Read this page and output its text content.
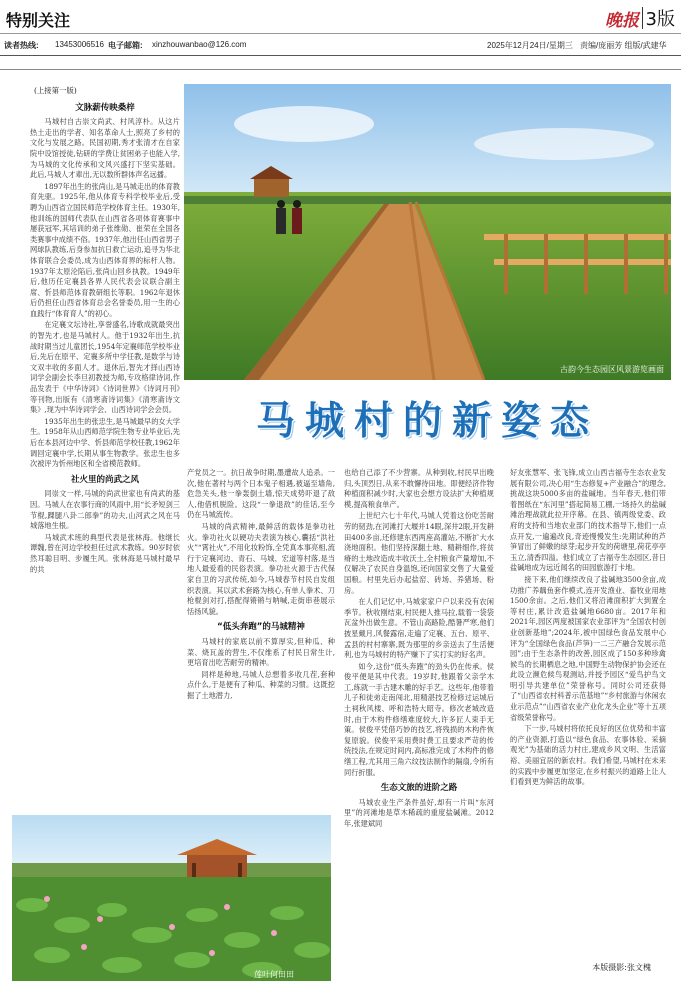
特别关注	晚报 3版
读者热线: 13453006516 电子邮箱: xinzhouwanbao@126.com	2025年12月24日/星期三 责编/庞丽芳 组版/武建华
(上接第一版)
文脉薪传映桑梓

马城村自古崇文尚武、村风淳朴。从这片热土走出的学者、知名革命人士,照亮了乡村的文化与发展之路。民国初期,秀才张清才在自家院中设馆授徒,钻研的学费让贫困弟子也能入学,为马城的文化传承和文风兴盛打下坚实基础。此后,马城人才辈出,无以数所群体声名远播。

1897年出生的张尚山,是马城走出的体育教育先驱。1925年,他从体育专科学校毕业后,受聘为山西省立国民师范学校体育主任。1930年,他训练的国师代表队在山西省各项体育赛事中屡获冠军,其培训的弟子张维勋、崔荣在全国各类赛事中成绩不俗。1937年,他出任山西省男子网球队教练,后身参加抗日救亡运动,追寻为华北体育联合会委员,成为山西体育界的标杆人物。1937年太原沦陷后,张尚山回乡执教。1949年后,他历任定襄县各界人民代表会议联合副主席、忻县师范体育教研组长等职。1962年退休后仍担任山西省体育总会名誉委员,用一生的心血践行“体育育人”的初心。

在定襄文坛诗社,享誉盛名,诗歌成就最突出的智先才,也是马城村人。他于1932年出生,抗战时期当过儿童团长,1954年定襄师范学校毕业后,先后在原平、定襄多所中学任教,是数学与诗文双丰收的多面人才。退休后,智先才择山西诗词学会副会长李旦初教授为师,专攻格律诗词,作品发表于《中华诗词》《诗词世界》《诗词月刊》等刊物,出版有《清寒斋诗词集》《清寒斋诗文集》,现为中华诗词学会、山西诗词学会会员。

1935年出生的张忠生,是马城最早的女大学生。1958年从山西师范学院生物专业毕业后,先后在本县河边中学、忻县师范学校任教,1962年调回定襄中学,长期从事生物教学。张忠生也多次被评为忻州地区和全省模范教师。

社火里的尚武之风

同崇文一样,马城的尚武世家也有尚武的基因。马城人在农事行商的风雨中,用“长矛短剑三节棍,踝腿八卦二郎拳”的功夫,山河武之风在马城落地生根。

马城武术班的典型代表是张林海。他继长谭魏,曾在河边学校担任过武术教练。90岁时依然耳聪目明、步履生风。张林海是马城村最早的共

古韵今生态园区风景游览画面
马城村的新姿态

产党员之一。抗日战争时期,墨遭故人追杀。一次,他在著村与两个日本鬼子相遇,被逼至墙角,危急关头,他一拳轰倒土墙,惊天成势吓退了敌人,他借机脱险。这段“一拳退敌”的佳话,至今仍在马城流传。

马城的尚武精神,最鲜活的载体是拳功社火。拳功社火以硬功夫表演为核心,囊括“洪社火”“霄社火”,不用化妆粉饰,全凭真本事亮相,流行于定襄河边、青石、马城、宏道等村落,是当地人最爱看的民俗表演。拳功社火源于古代保家自卫的习武传统,如今,马城春节村民自发组织表演。其以武术套路为核心,有单人拳术、刀枪棍剑对打,搭配得锵锵与呐喊,走街串巷展示恬扬风貌。

“低头奔跑”的马城精神

马城村的家底以前不算厚实,但种瓜、种菜、烧瓦盖的营生,不仅维系了村民日常生计,更培育出吃苦耐劳的精神。

同样是种地,马城人总想着多收几茬,套种点什么,于是便有了种瓜、种菜的习惯。这既挖掘了土地潜力,

也给自己添了不少营寨。从种到收,村民早出晚归,头顶烈日,从来不敢懈待田地。即便经济作物种植面积减少时,大家也会想方设法扩大种植规模,提高粮食单产。

上世纪六七十年代,马城人凭着这份吃苦耐劳的韧劲,在河滩打大堰并14眼,深井2眼,开发耕田400多亩,还修建东西两座高灌站,不断扩大水浇地面积。他们坚持深翻土地、精耕细作,将贫瘠的土地改造成丰收沃土,全村粮食产量增加,不仅解决了农民自身温饱,还向国家交售了大量爱国粮。村里先后办起盐窑、砖场、养猪场、粉房。

在人们记忆中,马城家家户户以来没有农闲季节。秋收刚结束,村民便人推马拉,载着一袋袋瓦盆外出做生意。不管山高路险,酷暑严寒,他们披星戴月,风餐露宿,走遍了定襄、五台、原平、孟县的村村寨寨,既为那里的乡亲送去了生活便利,也为马城村的特产赚下了实打实的好名声。

如今,这份“低头奔跑”的劲头仍在传承。侯俊平便是其中代表。19岁时,他跟着父亲学木工,练就一手古建木雕的好手艺。这些年,他带着儿子和徒弟走南闯北,用精湛技艺检修过运城后土祠秋风楼、呼和浩特大昭寺。修次老城改造时,由于木构件修缮难度较大,许多匠人束手无策。侯俊平凭借巧妙的技艺,将残损的木构件恢复原貌。侯俊平采用费时费工且要求严苛的传统技法,在规定时间内,高标准完成了木构件的修缮工程,尤其用三角六纹技法制作的隔扇,令所有同行折服。

生态文旅的进阶之路

马城农业生产条件虽好,却有一片叫“东河里”的河滩地是草木稀疏的重度盐碱滩。2012年,张建斌同

好友张慧军、张飞锋,成立山西吉福寺生态农业发展有限公司,决心用“生态修复+产业融合”的理念,挑战这块5000多亩的盐碱地。当年春天,他们带着图纸在“东河里”搭起简易工棚,一场持久的盐碱滩治理战就此拉开序幕。在县、镇两级党委、政府的支持和当地农业部门的技术指导下,他们一点点开发,一遍遍改良,奇迹慢慢发生:先期试种的芦笋冒出了鲜嫩的绿芽;起步开发的荷塘里,荷花亭亭玉立,清香四溢。他们成立了吉福寺生态园区,昔日盐碱地成为远近闻名的田园旅游打卡地。

接下来,他们继续改良了盐碱地3500余亩,成功推广养藕鱼套作模式,连开发渔业、畜牧业用地1500余亩。之后,他们又将沿滩面积扩大到置全等村庄,累计改造盐碱地6680亩。2017年和2021年,园区两度被国家农业部评为“全国农村创业创新基地”;2024年,被中国绿色食品发展中心评为“全国绿色食品(芦笋)一二三产融合发展示范园”;由于生态条件的改善,园区成了150多种珍禽候鸟的长期栖息之地,中国野生动物保护协会还在此设立濒危候鸟观测站,并授予园区“爱鸟护鸟文明引导共建单位”荣誉称号。同时公司还获得了“山西省农村科普示范基地”“乡村旅游与休闲农业示范点”“山西省农业产业化龙头企业”等十五项省级荣誉称号。

下一步,马城村将依托良好的区位优势和丰富的产业资源,打造以“绿色食品、农事体验、采摘观光”为基础的活力村庄,建成乡风文明、生活富裕、美丽宜居的新农村。我们希望,马城村在未来的实践中步履更加坚定,在乡村振兴的道路上让人们看到更为鲜活的故事。

莲叶何田田
本版摄影:张文槐
